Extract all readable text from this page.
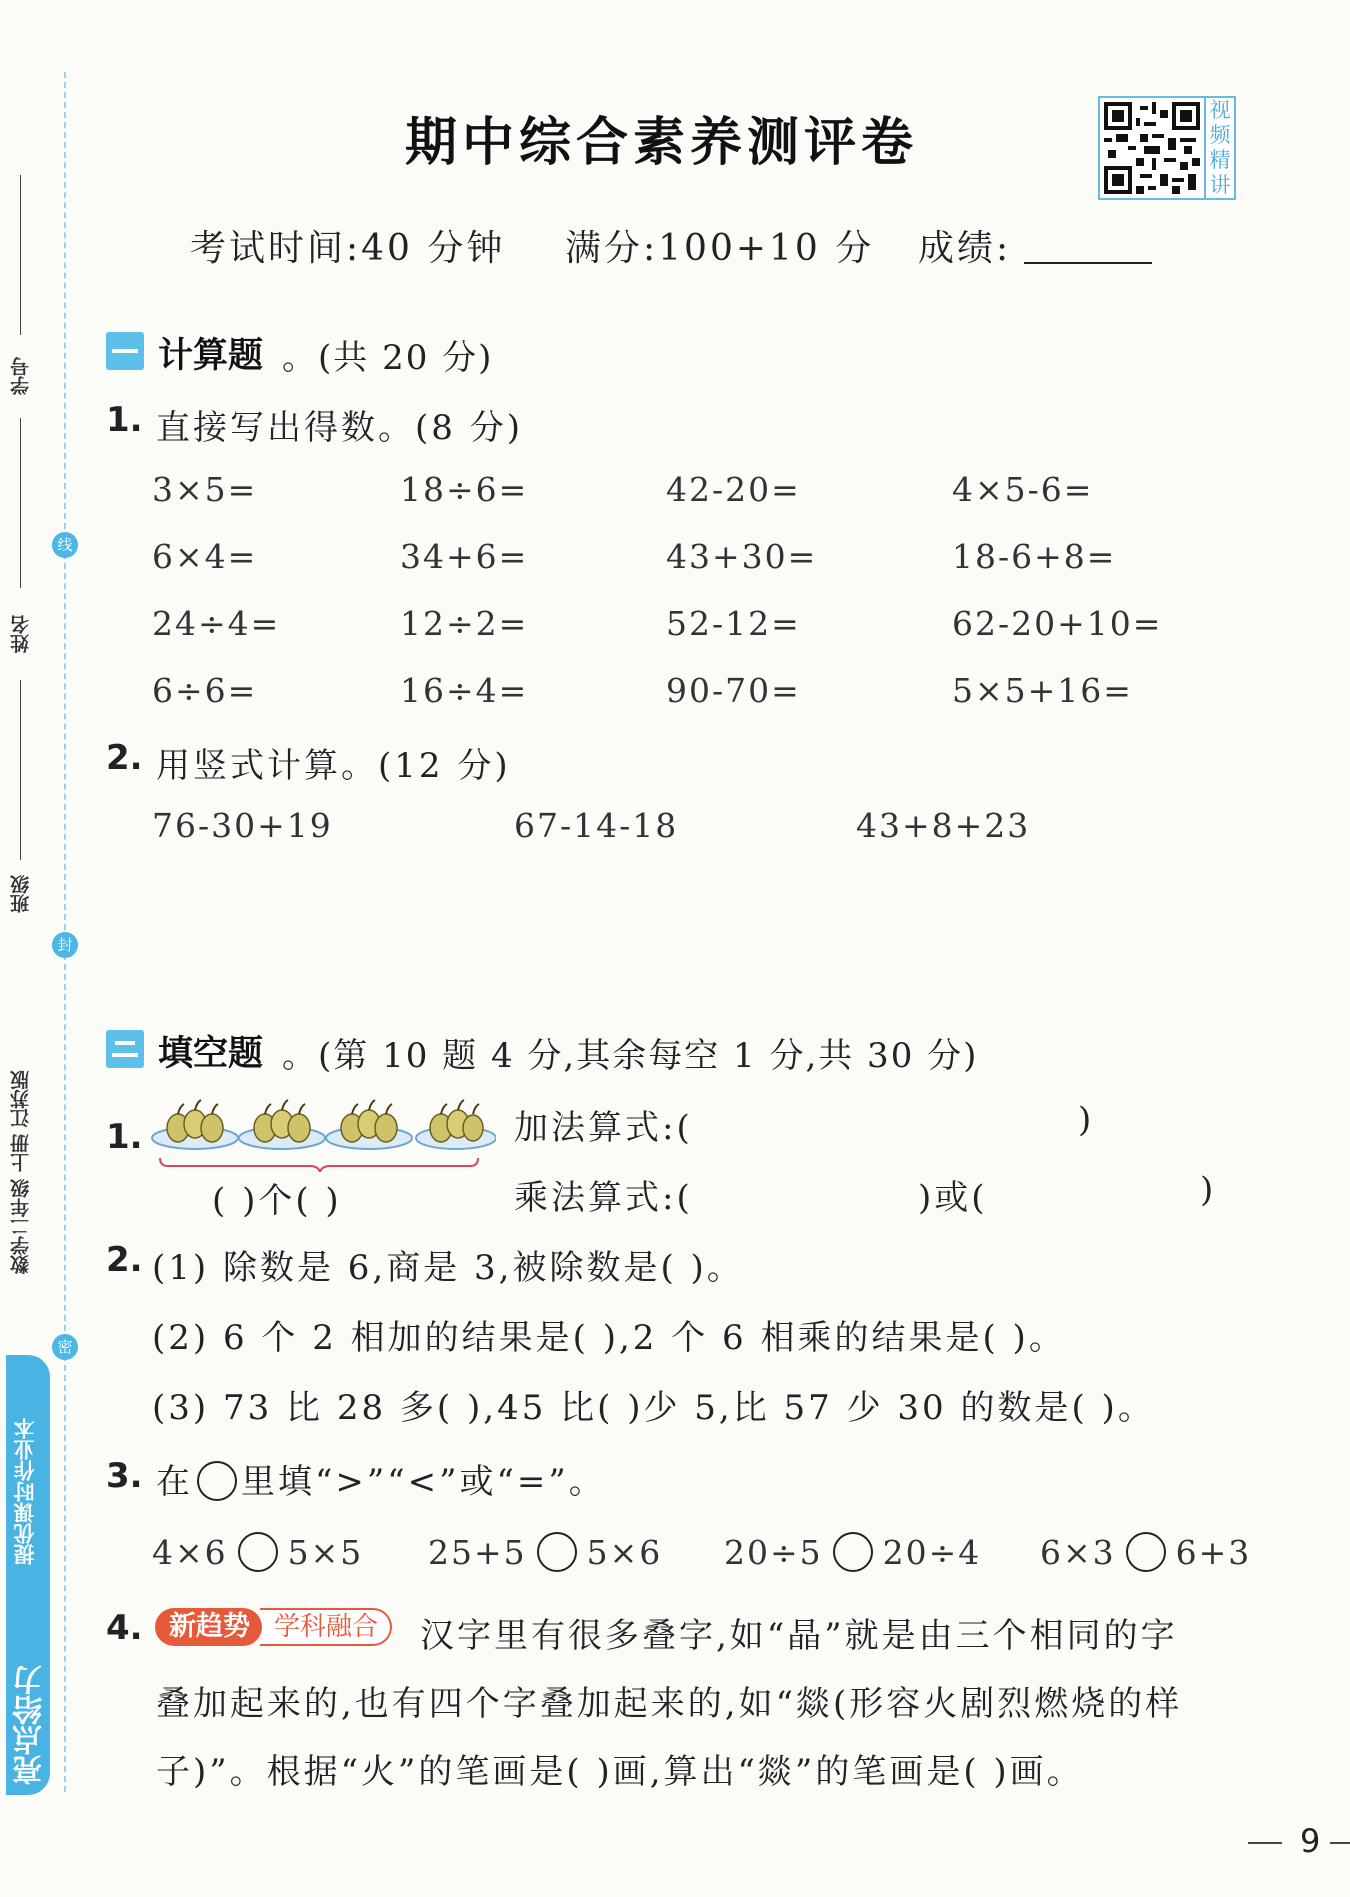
线
封
密
学号
姓名
班级
数学二年级 上册 江苏版
提优课时作业本
亮点给力
期中综合素养测评卷
视频精讲
考试时间:40 分钟 满分:100+10 分 成绩:
计算题 。(共 20 分)
1. 直接写出得数。(8 分)
3×5=	18÷6=	42-20=	4×5-6=
6×4=	34+6=	43+30=	18-6+8=
24÷4=	12÷2=	52-12=	62-20+10=
6÷6=	16÷4=	90-70=	5×5+16=
2. 用竖式计算。(12 分)
76-30+19	67-14-18	43+8+23
填空题 。(第 10 题 4 分,其余每空 1 分,共 30 分)
1.
( )个( )
加法算式:(	)
乘法算式:(	)或(	)
2. (1) 除数是 6,商是 3,被除数是( )。
(2) 6 个 2 相加的结果是( ),2 个 6 相乘的结果是( )。
(3) 73 比 28 多( ),45 比( )少 5,比 57 少 30 的数是( )。
3. 在 里填“>”“<”或“=”。
4×6 5×5 25+5 5×6 20÷5 20÷4 6×3 6+3
4.	学科融合
新趋势	汉字里有很多叠字,如“晶”就是由三个相同的字
叠加起来的,也有四个字叠加起来的,如“燚(形容火剧烈燃烧的样
子)”。根据“火”的笔画是( )画,算出“燚”的笔画是( )画。
9
